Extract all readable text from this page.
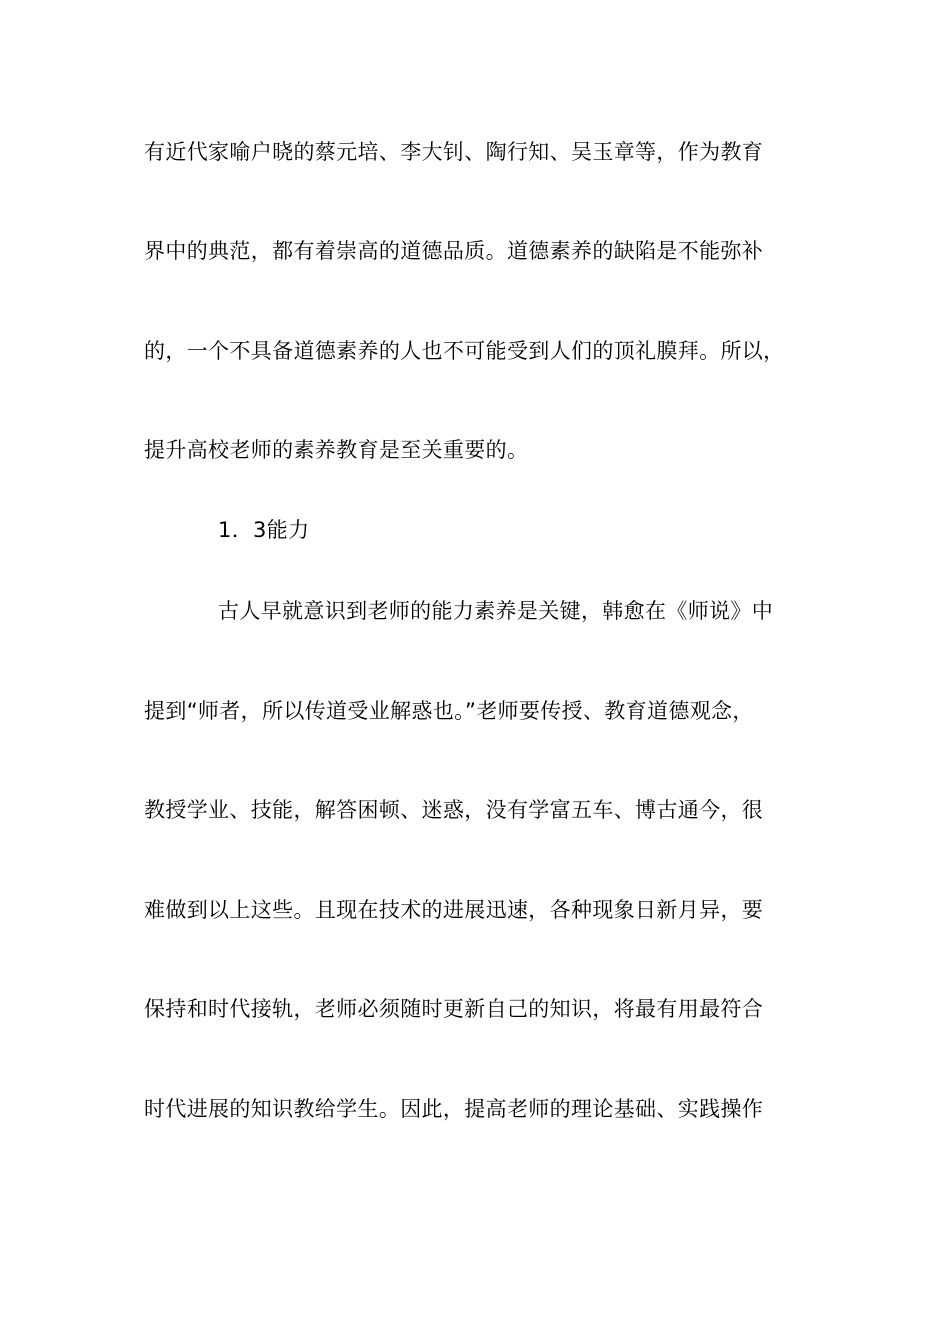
有近代家喻户晓的蔡元培、李大钊、陶行知、吴玉章等，作为教育
界中的典范，都有着崇高的道德品质。道德素养的缺陷是不能弥补
的，一个不具备道德素养的人也不可能受到人们的顶礼膜拜。所以，
提升高校老师的素养教育是至关重要的。
1．3能力
古人早就意识到老师的能力素养是关键，韩愈在《师说》中
提到“师者，所以传道受业解惑也。”老师要传授、教育道德观念，
教授学业、技能，解答困顿、迷惑，没有学富五车、博古通今，很
难做到以上这些。且现在技术的进展迅速，各种现象日新月异，要
保持和时代接轨，老师必须随时更新自己的知识，将最有用最符合
时代进展的知识教给学生。因此，提高老师的理论基础、实践操作
